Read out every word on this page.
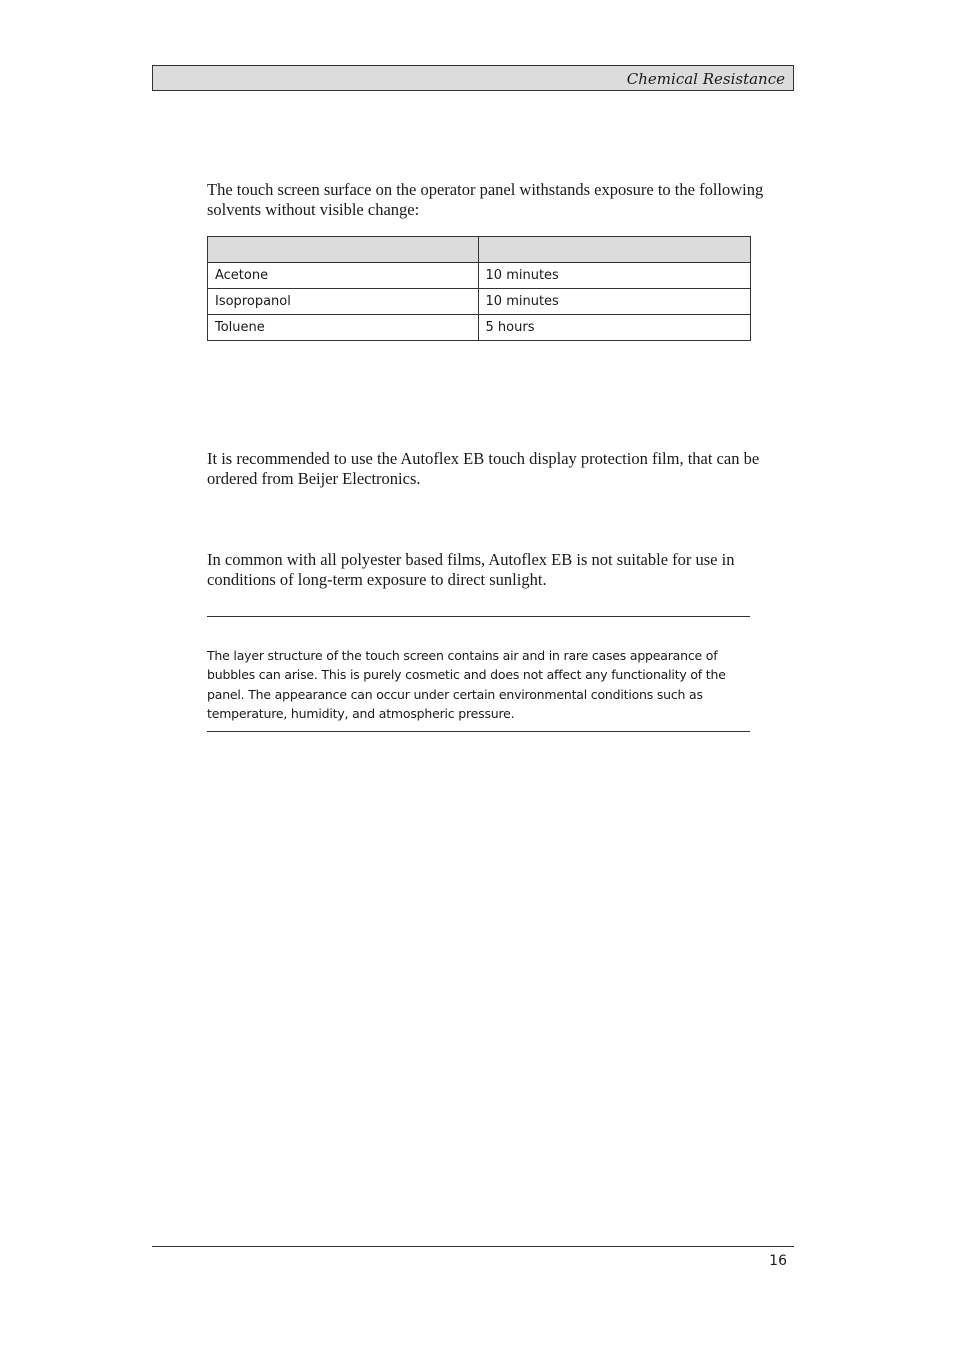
Chemical Resistance

The touch screen surface on the operator panel withstands exposure to the following solvents without visible change:

Acetone	10 minutes
Isopropanol	10 minutes
Toluene	5 hours

It is recommended to use the Autoflex EB touch display protection film, that can be ordered from Beijer Electronics.

In common with all polyester based films, Autoflex EB is not suitable for use in conditions of long-term exposure to direct sunlight.

The layer structure of the touch screen contains air and in rare cases appearance of bubbles can arise. This is purely cosmetic and does not affect any functionality of the panel. The appearance can occur under certain environmental conditions such as temperature, humidity, and atmospheric pressure.

16
